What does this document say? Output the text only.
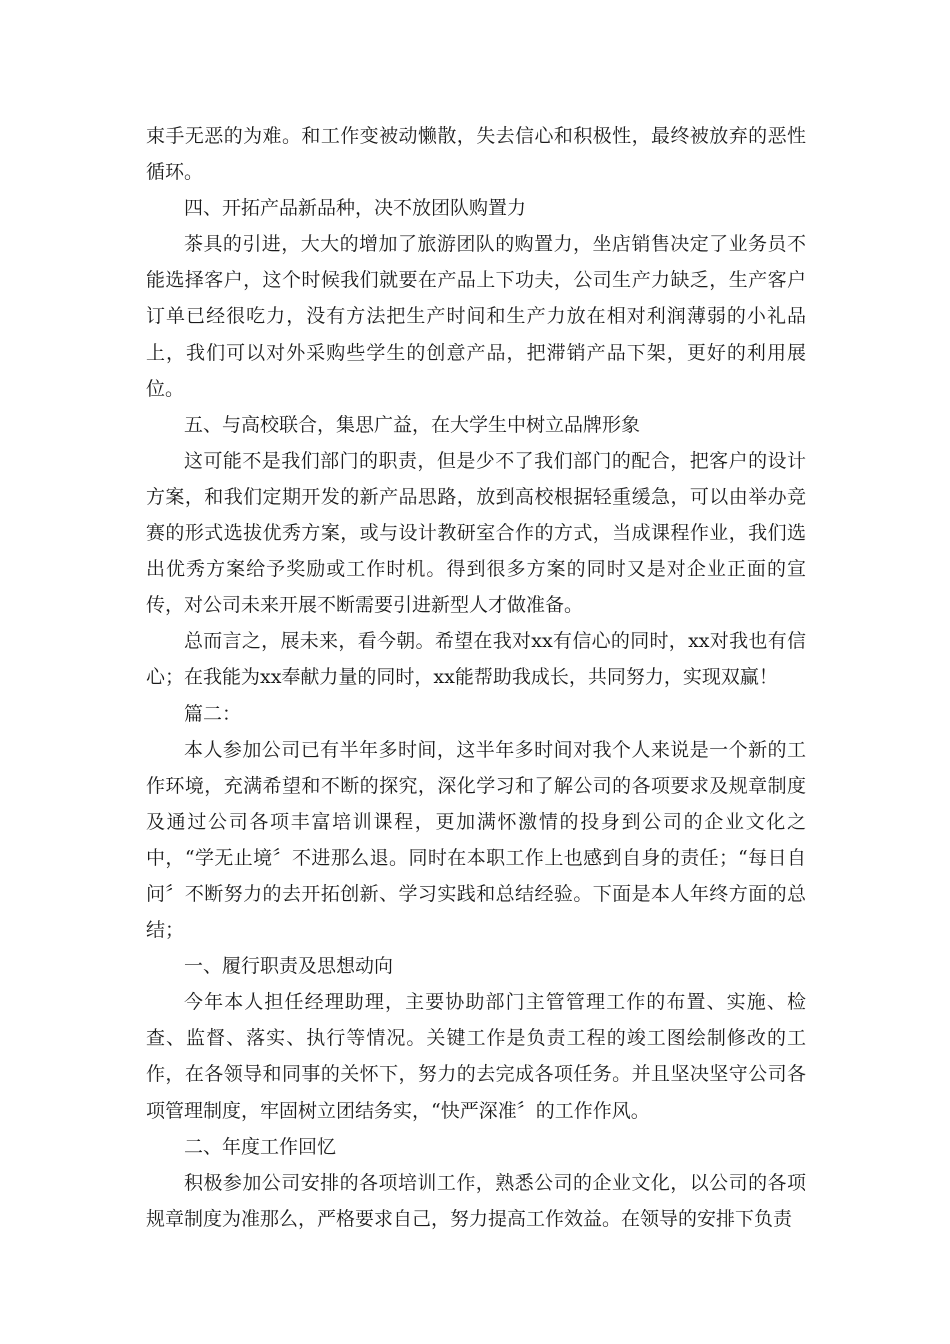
束手无恶的为难。和工作变被动懒散，失去信心和积极性，最终被放弃的恶性循环。

四、开拓产品新品种，决不放团队购置力

茶具的引进，大大的增加了旅游团队的购置力，坐店销售决定了业务员不能选择客户，这个时候我们就要在产品上下功夫，公司生产力缺乏，生产客户订单已经很吃力，没有方法把生产时间和生产力放在相对利润薄弱的小礼品上，我们可以对外采购些学生的创意产品，把滞销产品下架，更好的利用展位。

五、与高校联合，集思广益，在大学生中树立品牌形象

这可能不是我们部门的职责，但是少不了我们部门的配合，把客户的设计方案，和我们定期开发的新产品思路，放到高校根据轻重缓急，可以由举办竞赛的形式选拔优秀方案，或与设计教研室合作的方式，当成课程作业，我们选出优秀方案给予奖励或工作时机。得到很多方案的同时又是对企业正面的宣传，对公司未来开展不断需要引进新型人才做准备。

总而言之，展未来，看今朝。希望在我对xx有信心的同时，xx对我也有信心；在我能为xx奉献力量的同时，xx能帮助我成长，共同努力，实现双赢！

篇二：

本人参加公司已有半年多时间，这半年多时间对我个人来说是一个新的工作环境，充满希望和不断的探究，深化学习和了解公司的各项要求及规章制度及通过公司各项丰富培训课程，更加满怀激情的投身到公司的企业文化之中，“学无止境〞不进那么退。同时在本职工作上也感到自身的责任；“每日自问〞不断努力的去开拓创新、学习实践和总结经验。下面是本人年终方面的总结；

一、履行职责及思想动向

今年本人担任经理助理，主要协助部门主管管理工作的布置、实施、检查、监督、落实、执行等情况。关键工作是负责工程的竣工图绘制修改的工作，在各领导和同事的关怀下，努力的去完成各项任务。并且坚决坚守公司各项管理制度，牢固树立团结务实，“快严深准〞的工作作风。

二、年度工作回忆

积极参加公司安排的各项培训工作，熟悉公司的企业文化，以公司的各项规章制度为准那么，严格要求自己，努力提高工作效益。在领导的安排下负责
